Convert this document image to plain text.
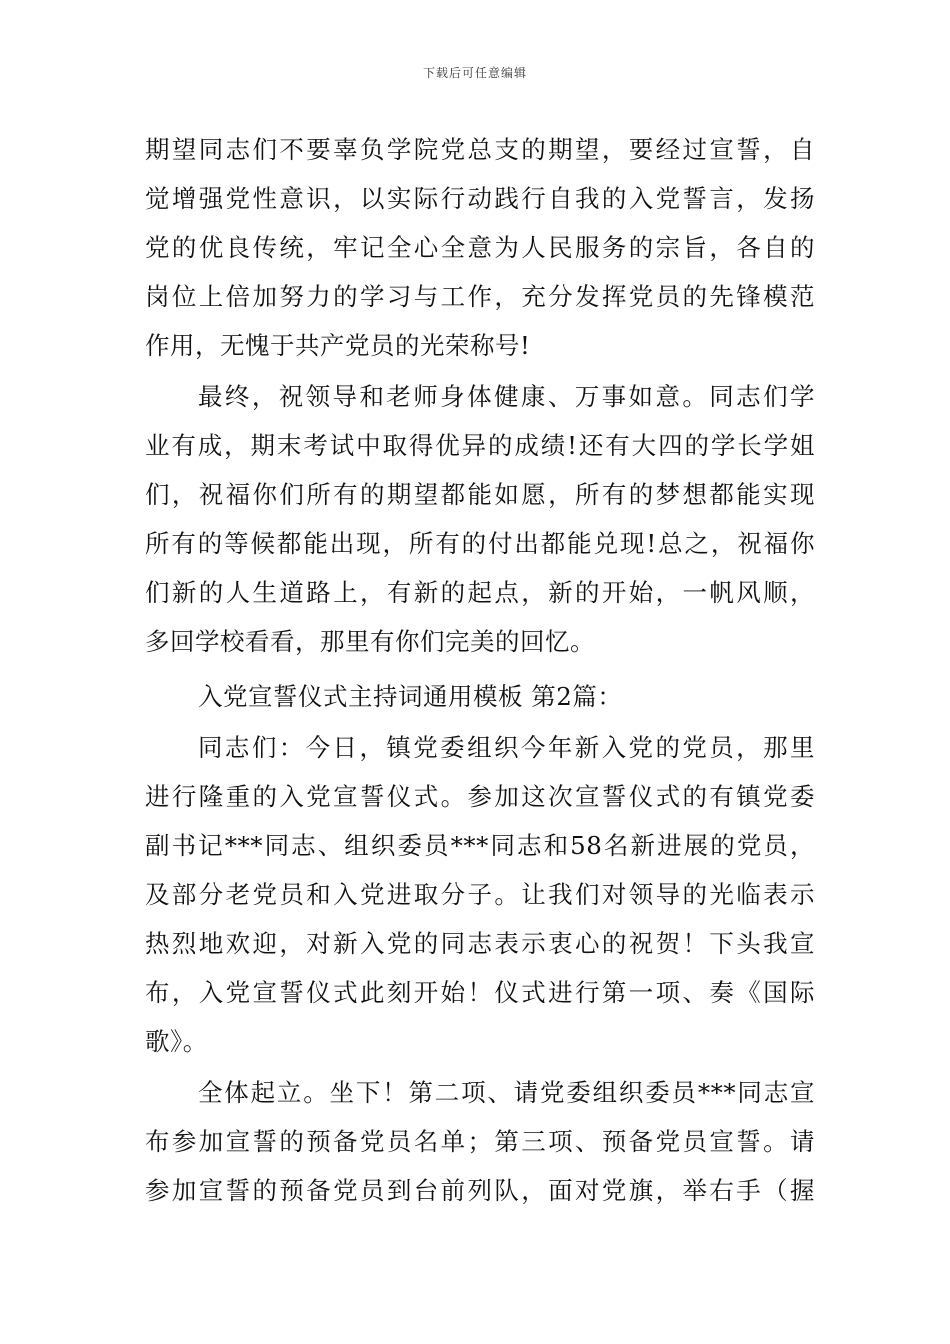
下载后可任意编辑
期望同志们不要辜负学院党总支的期望，要经过宣誓，自
觉增强党性意识，以实际行动践行自我的入党誓言，发扬
党的优良传统，牢记全心全意为人民服务的宗旨，各自的
岗位上倍加努力的学习与工作，充分发挥党员的先锋模范
作用，无愧于共产党员的光荣称号!
最终，祝领导和老师身体健康、万事如意。同志们学
业有成，期末考试中取得优异的成绩!还有大四的学长学姐
们，祝福你们所有的期望都能如愿，所有的梦想都能实现
所有的等候都能出现，所有的付出都能兑现!总之，祝福你
们新的人生道路上，有新的起点，新的开始，一帆风顺，
多回学校看看，那里有你们完美的回忆。
入党宣誓仪式主持词通用模板 第2篇：
同志们：今日，镇党委组织今年新入党的党员，那里
进行隆重的入党宣誓仪式。参加这次宣誓仪式的有镇党委
副书记***同志、组织委员***同志和58名新进展的党员，
及部分老党员和入党进取分子。让我们对领导的光临表示
热烈地欢迎，对新入党的同志表示衷心的祝贺！下头我宣
布，入党宣誓仪式此刻开始！仪式进行第一项、奏《国际
歌》。
全体起立。坐下！第二项、请党委组织委员***同志宣
布参加宣誓的预备党员名单；第三项、预备党员宣誓。请
参加宣誓的预备党员到台前列队，面对党旗，举右手（握
